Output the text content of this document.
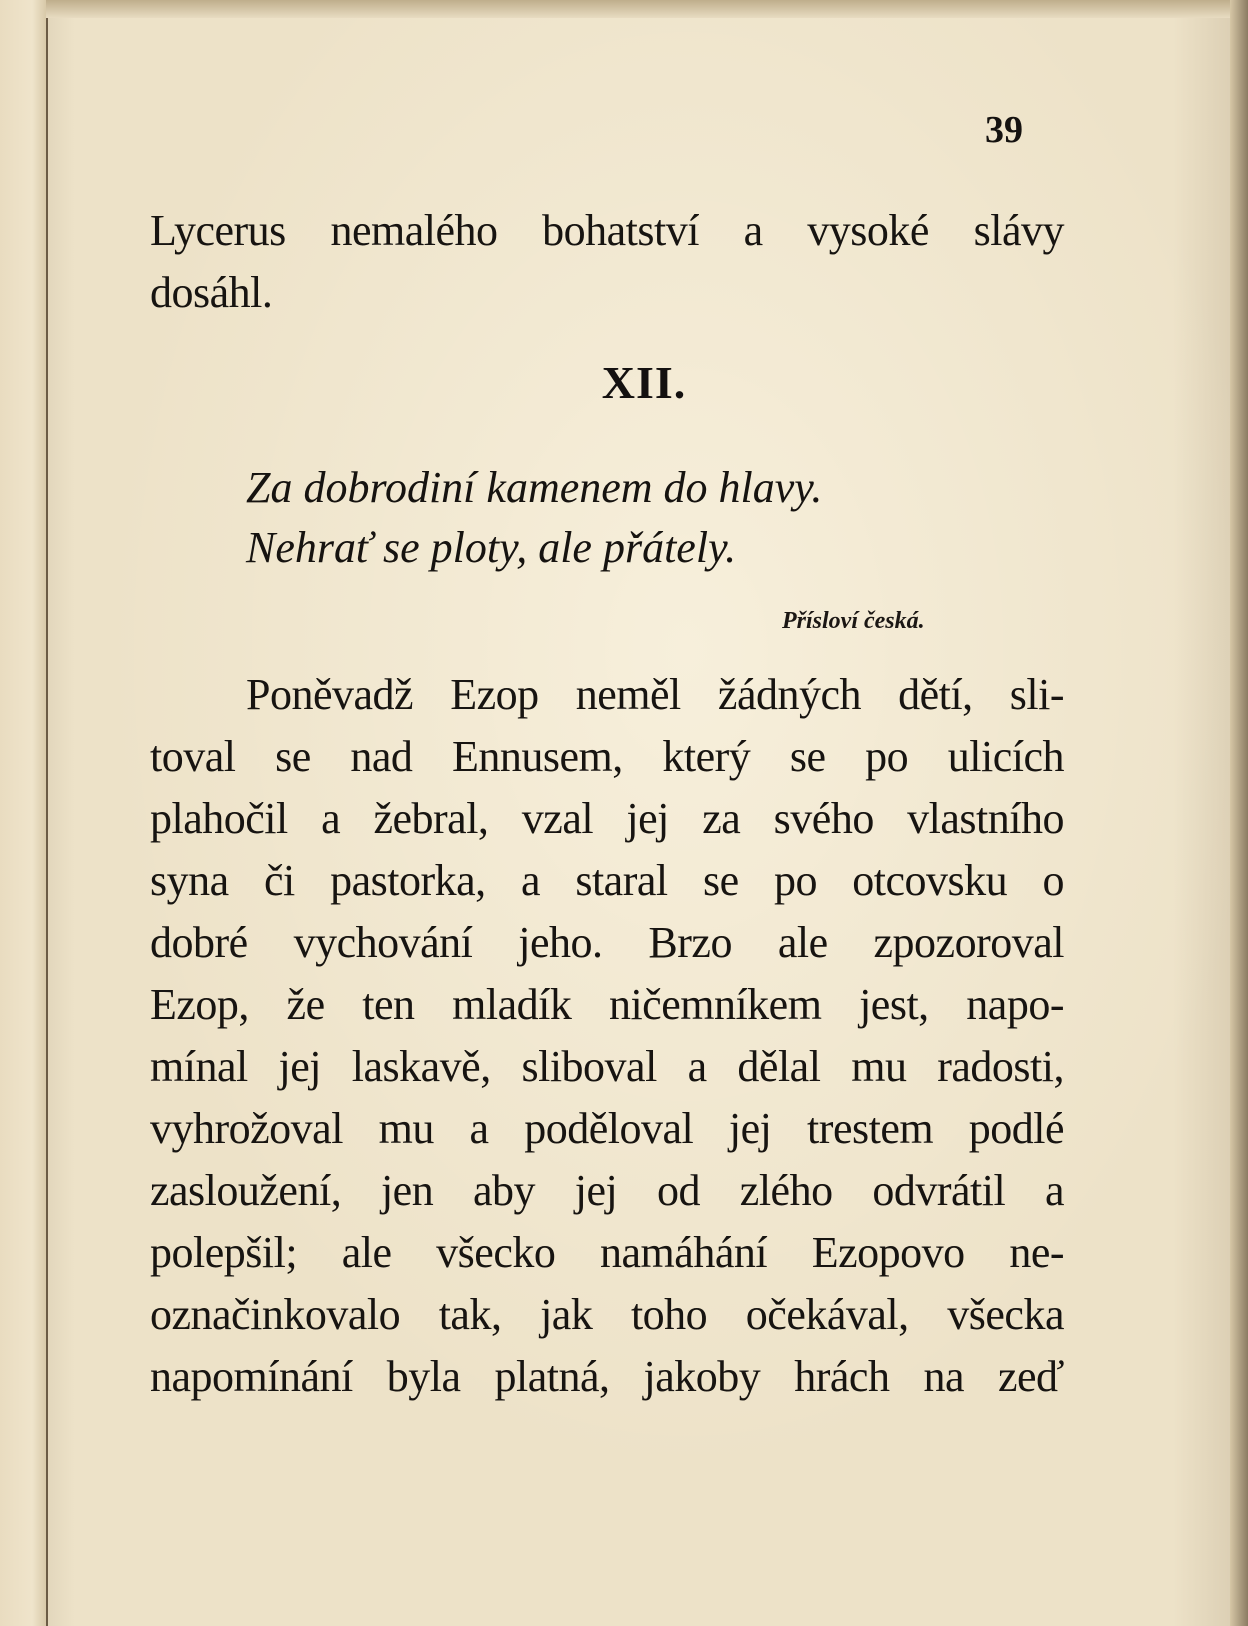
39
Lycerus nemalého bohatství a vysoké slávy
dosáhl.
XII.
Za dobrodiní kamenem do hlavy.
Nehrať se ploty, ale přátely.
Přísloví česká.
Poněvadž Ezop neměl žádných dětí, sli-
toval se nad Ennusem, který se po ulicích
plahočil a žebral, vzal jej za svého vlastního
syna či pastorka, a staral se po otcovsku o
dobré vychování jeho. Brzo ale zpozoroval
Ezop, že ten mladík ničemníkem jest, napo-
mínal jej laskavě, sliboval a dělal mu radosti,
vyhrožoval mu a poděloval jej trestem podlé
zasloužení, jen aby jej od zlého odvrátil a
polepšil; ale všecko namáhání Ezopovo ne-
označinkovalo tak, jak toho očekával, všecka
napomínání byla platná, jakoby hrách na zeď
